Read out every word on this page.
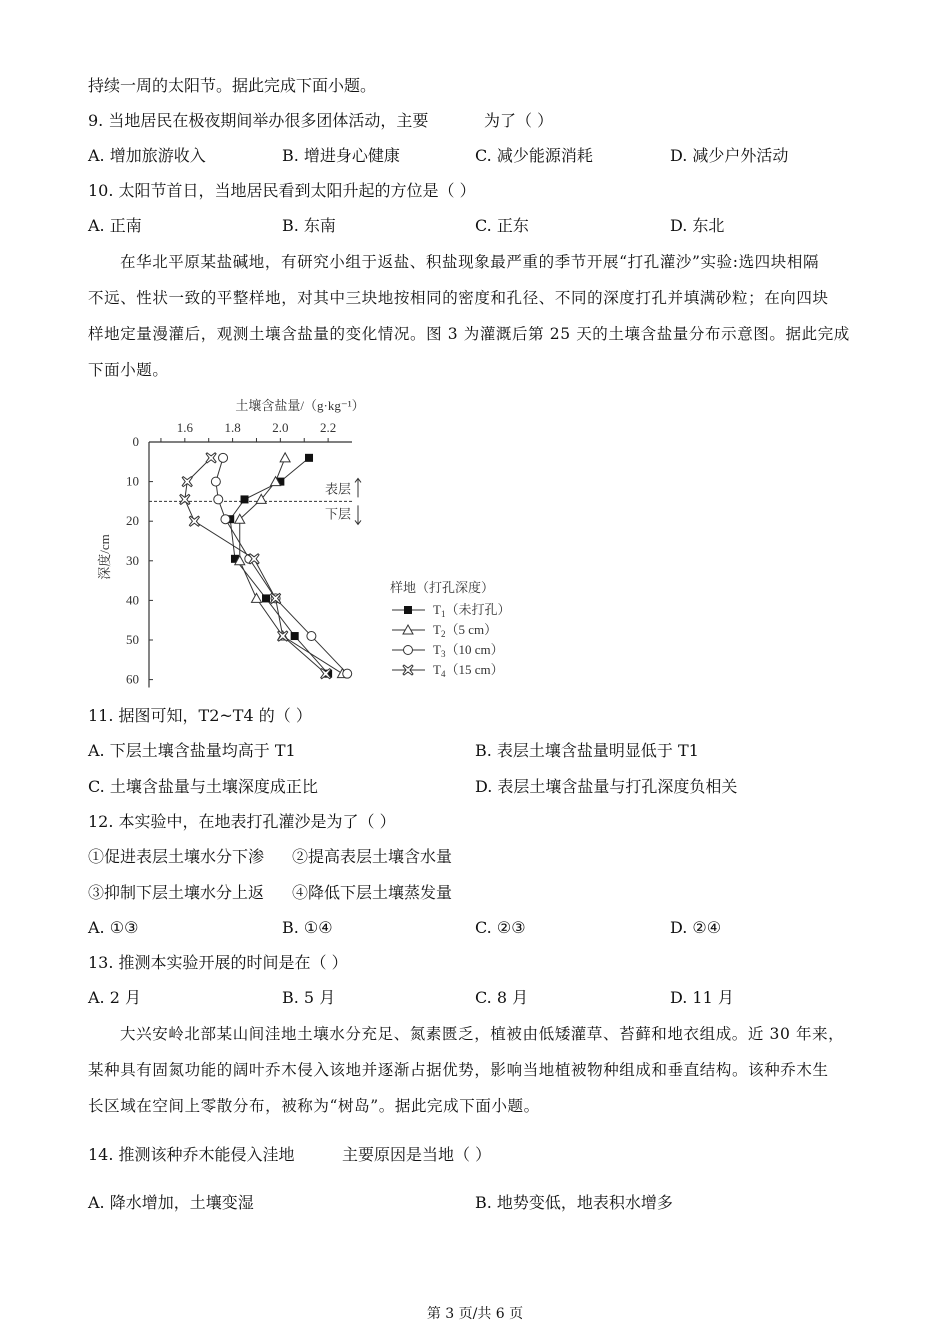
持续一周的太阳节。据此完成下面小题。
9. 当地居民在极夜期间举办很多团体活动，主要	为了（ ）
A. 增加旅游收入	B. 增进身心健康	C. 减少能源消耗	D. 减少户外活动
10. 太阳节首日，当地居民看到太阳升起的方位是（ ）
A. 正南	B. 东南	C. 正东	D. 东北
在华北平原某盐碱地，有研究小组于返盐、积盐现象最严重的季节开展“打孔灌沙”实验:选四块相隔
不远、性状一致的平整样地，对其中三块地按相同的密度和孔径、不同的深度打孔并填满砂粒；在向四块
样地定量漫灌后，观测土壤含盐量的变化情况。图 3 为灌溉后第 25 天的土壤含盐量分布示意图。据此完成
下面小题。
土壤含盐量/（g·kg⁻¹）
深度/cm
1.6 1.8 2.0 2.2
0
10
20
30
40
50
60
表层
下层
样地（打孔深度）
$T_1$（未打孔）
$T_2(5$ cm）
$T_3(10$ cm）
$T_4(15$ cm）
11. 据图可知，T2~T4 的（ ）
A. 下层土壤含盐量均高于 T1	B. 表层土壤含盐量明显低于 T1
C. 土壤含盐量与土壤深度成正比	D. 表层土壤含盐量与打孔深度负相关
12. 本实验中，在地表打孔灌沙是为了（ ）
①促进表层土壤水分下渗 ②提高表层土壤含水量
③抑制下层土壤水分上返 ④降低下层土壤蒸发量
A. ①③	B. ①④	C. ②③	D. ②④
13. 推测本实验开展的时间是在（ ）
A. 2 月	B. 5 月	C. 8 月	D. 11 月
大兴安岭北部某山间洼地土壤水分充足、氮素匮乏，植被由低矮灌草、苔藓和地衣组成。近 30 年来，
某种具有固氮功能的阔叶乔木侵入该地并逐渐占据优势，影响当地植被物种组成和垂直结构。该种乔木生
长区域在空间上零散分布，被称为“树岛”。据此完成下面小题。
14. 推测该种乔木能侵入洼地	主要原因是当地（ ）
A. 降水增加，土壤变湿	B. 地势变低，地表积水增多
第 3 页/共 6 页
